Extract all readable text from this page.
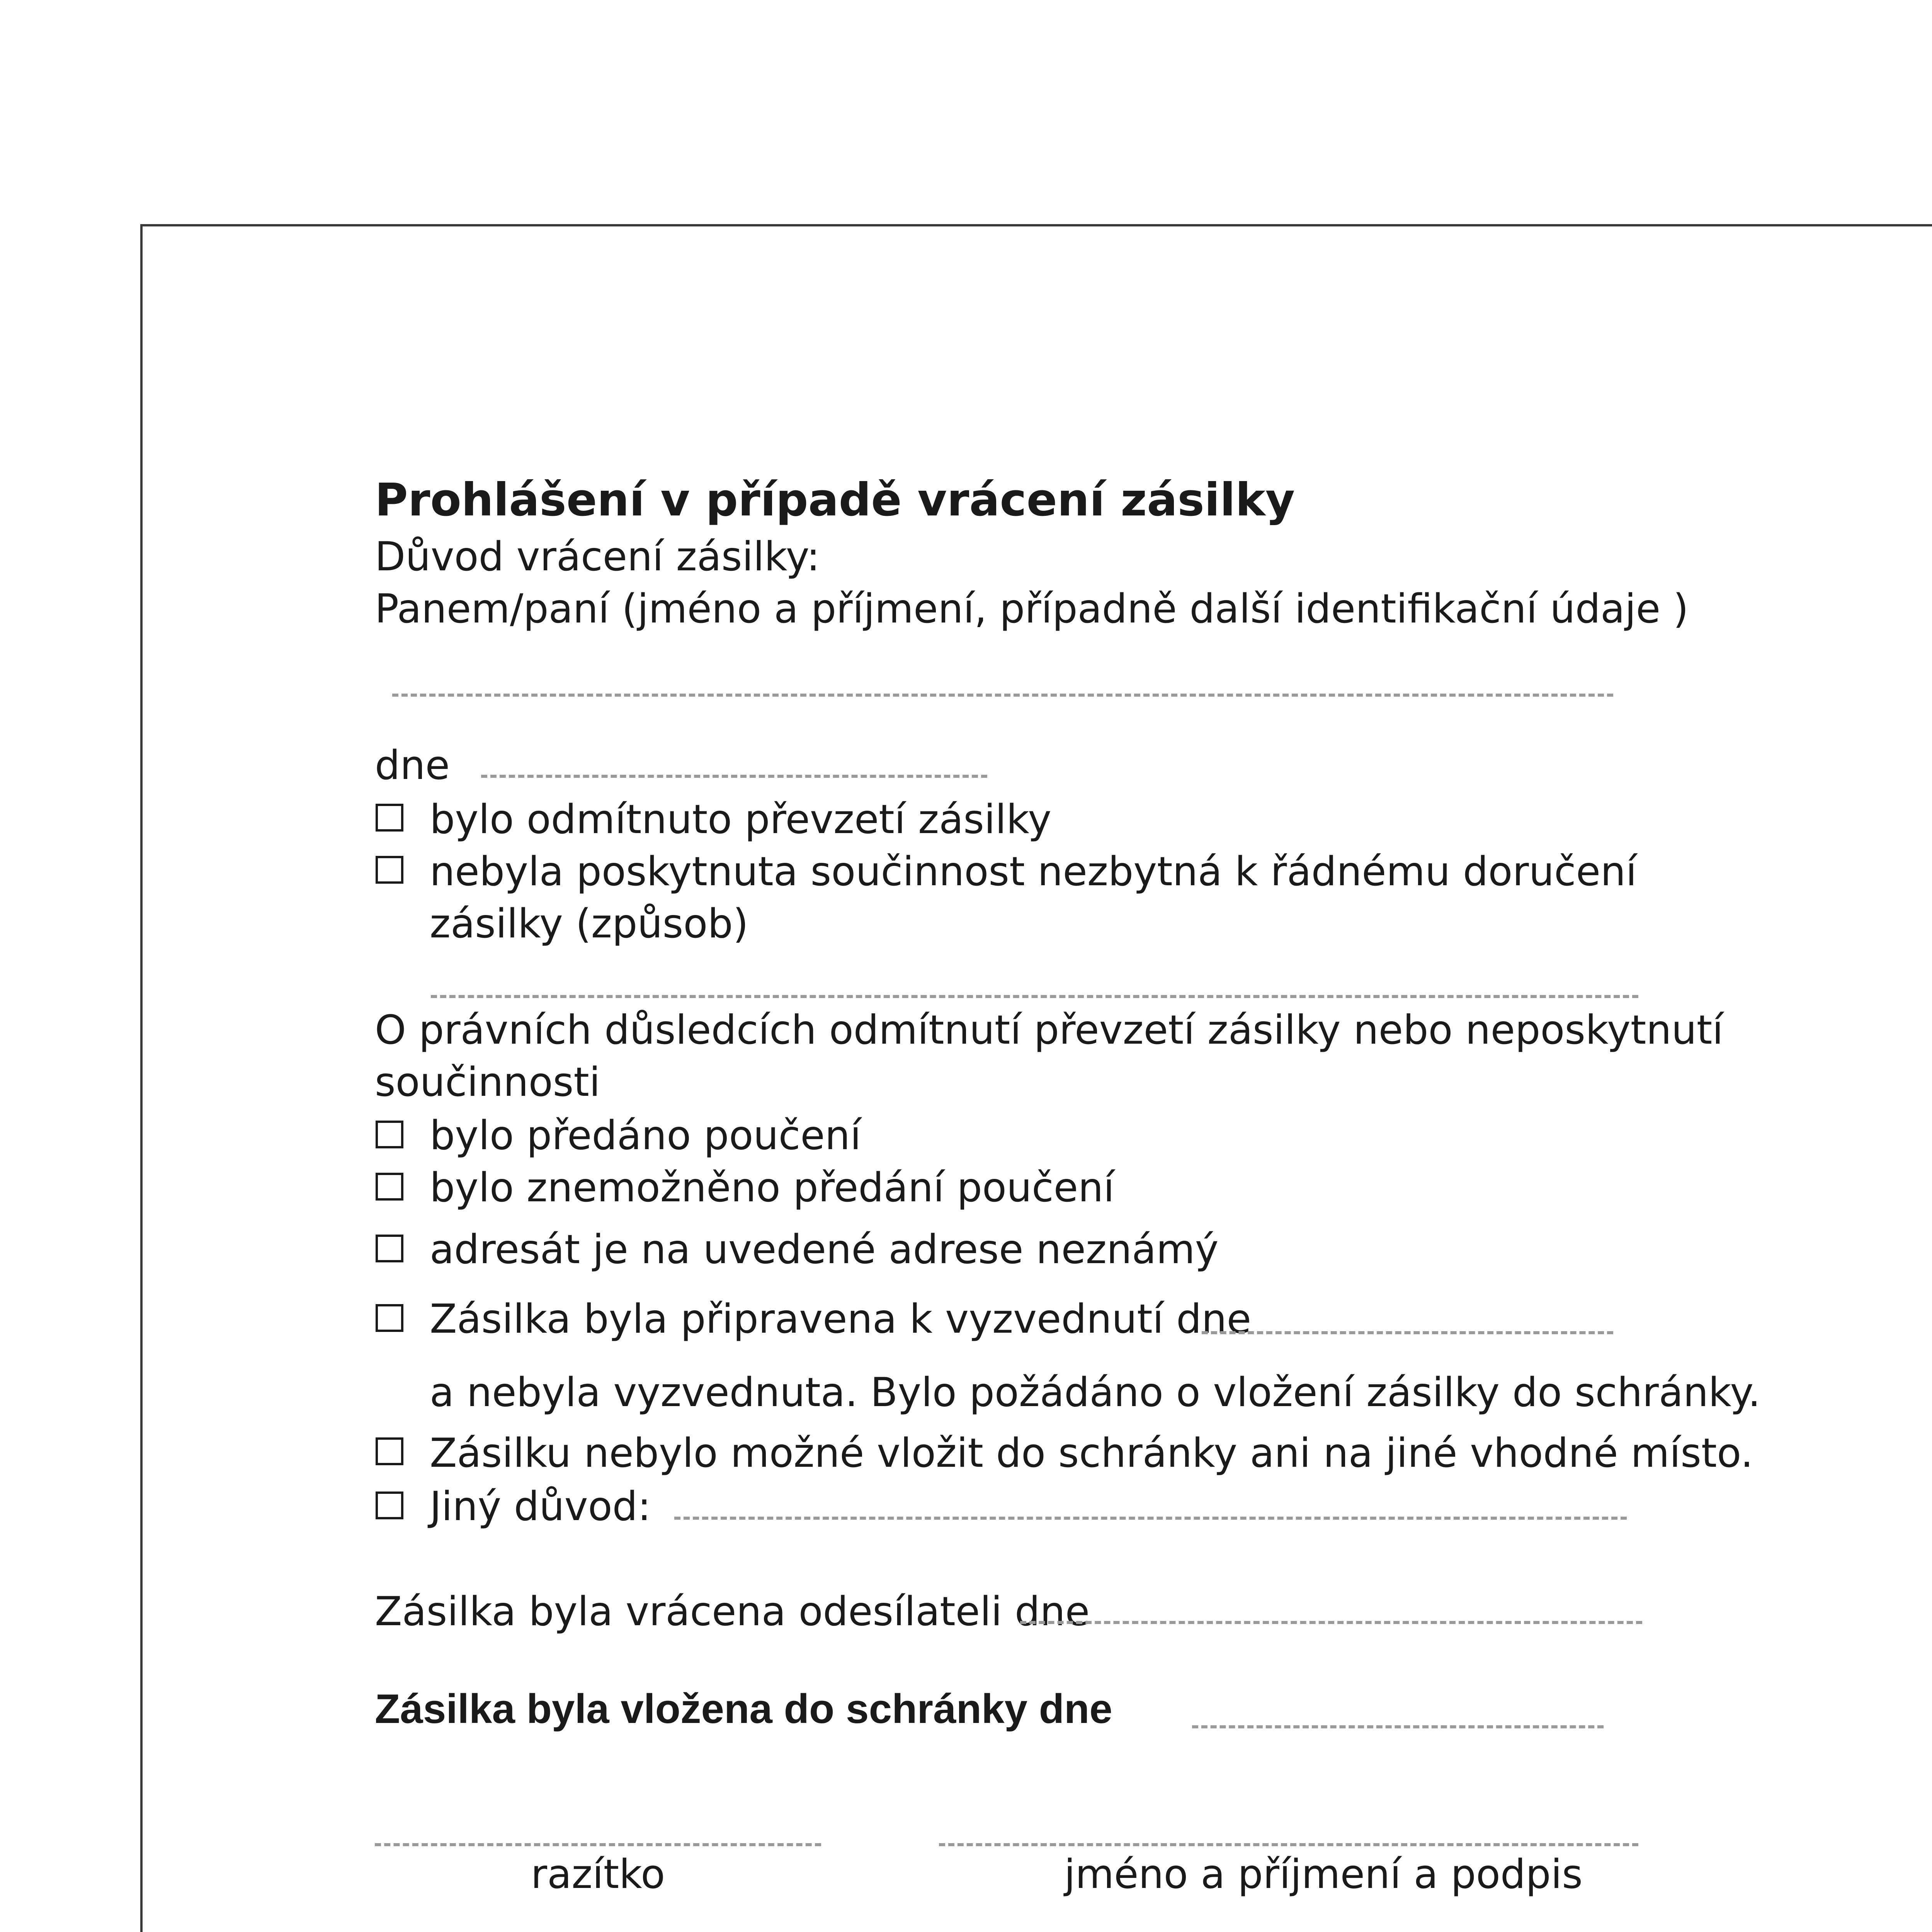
Prohlášení v případě vrácení zásilky
Důvod vrácení zásilky:
Panem/paní (jméno a příjmení, případně další identifikační údaje )
dne
bylo odmítnuto převzetí zásilky
nebyla poskytnuta součinnost nezbytná k řádnému doručení
zásilky (způsob)
O právních důsledcích odmítnutí převzetí zásilky nebo neposkytnutí
součinnosti
bylo předáno poučení
bylo znemožněno předání poučení
adresát je na uvedené adrese neznámý
Zásilka byla připravena k vyzvednutí dne
a nebyla vyzvednuta. Bylo požádáno o vložení zásilky do schránky.
Zásilku nebylo možné vložit do schránky ani na jiné vhodné místo.
Jiný důvod:
Zásilka byla vrácena odesílateli dne
Zásilka byla vložena do schránky dne
razítko	jméno a příjmení a podpis
